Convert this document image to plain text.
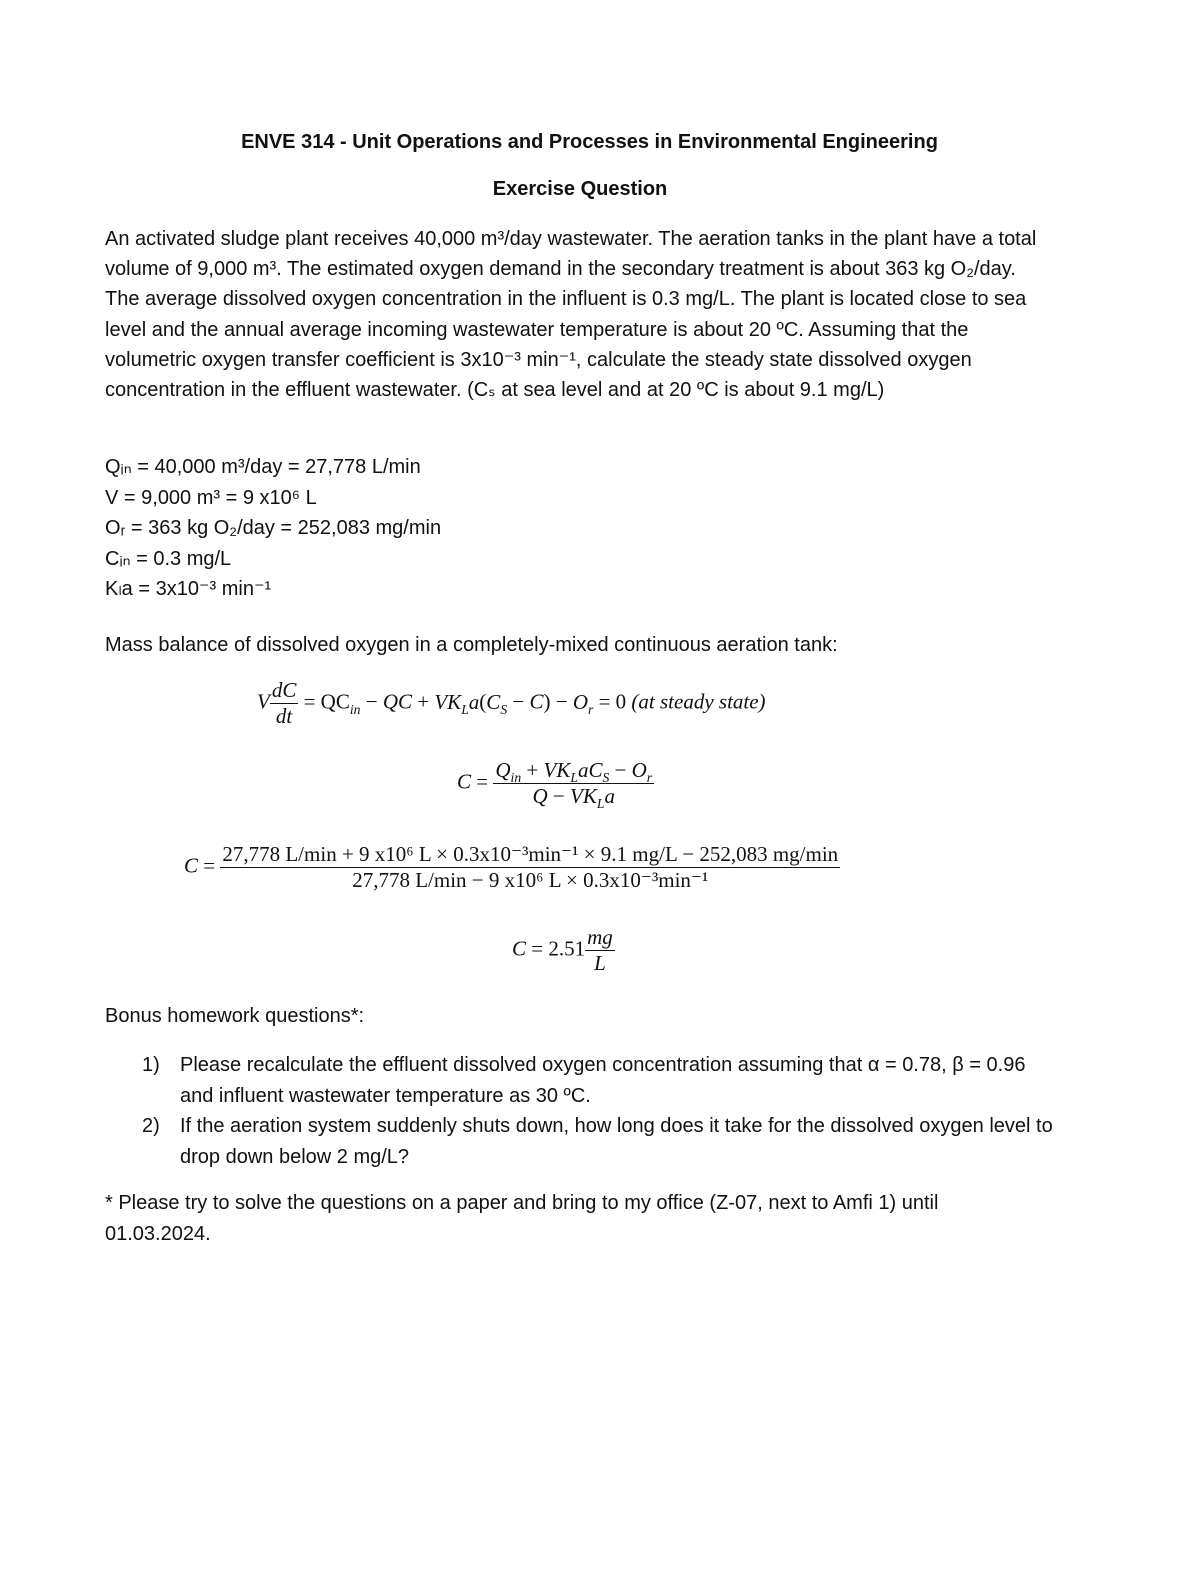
ENVE 314 - Unit Operations and Processes in Environmental Engineering
Exercise Question
An activated sludge plant receives 40,000 m³/day wastewater. The aeration tanks in the plant have a total volume of 9,000 m³. The estimated oxygen demand in the secondary treatment is about 363 kg O₂/day. The average dissolved oxygen concentration in the influent is 0.3 mg/L. The plant is located close to sea level and the annual average incoming wastewater temperature is about 20 ºC. Assuming that the volumetric oxygen transfer coefficient is 3x10⁻³ min⁻¹, calculate the steady state dissolved oxygen concentration in the effluent wastewater. (Cₛ at sea level and at 20 ºC is about 9.1 mg/L)
Qᵢₙ = 40,000 m³/day = 27,778 L/min
V = 9,000 m³ = 9 x10⁶ L
Oᵣ = 363 kg O₂/day = 252,083 mg/min
Cᵢₙ = 0.3 mg/L
Kₗa = 3x10⁻³ min⁻¹
Mass balance of dissolved oxygen in a completely-mixed continuous aeration tank:
V $\frac{dC}{dt} = QC_{in}$ − QC + $VK_La(C_S - C) - O_r = 0$ (at steady state)
$C = \frac{Q_{in} + VK_LaC_S - O_r}{Q - VK_La}$
C = 27,778 L/min + 9 x10⁶ L × 0.3x10⁻³min⁻¹ × 9.1 mg/L − 252,083 mg/min
27,778 L/min − 9 x10⁶ L × 0.3x10⁻³min⁻¹
$C = 2.51 \frac{mg}{L}$
Bonus homework questions*:
1) Please recalculate the effluent dissolved oxygen concentration assuming that α = 0.78, β = 0.96 and influent wastewater temperature as 30 ºC.
2) If the aeration system suddenly shuts down, how long does it take for the dissolved oxygen level to drop down below 2 mg/L?
* Please try to solve the questions on a paper and bring to my office (Z-07, next to Amfi 1) until 01.03.2024.
